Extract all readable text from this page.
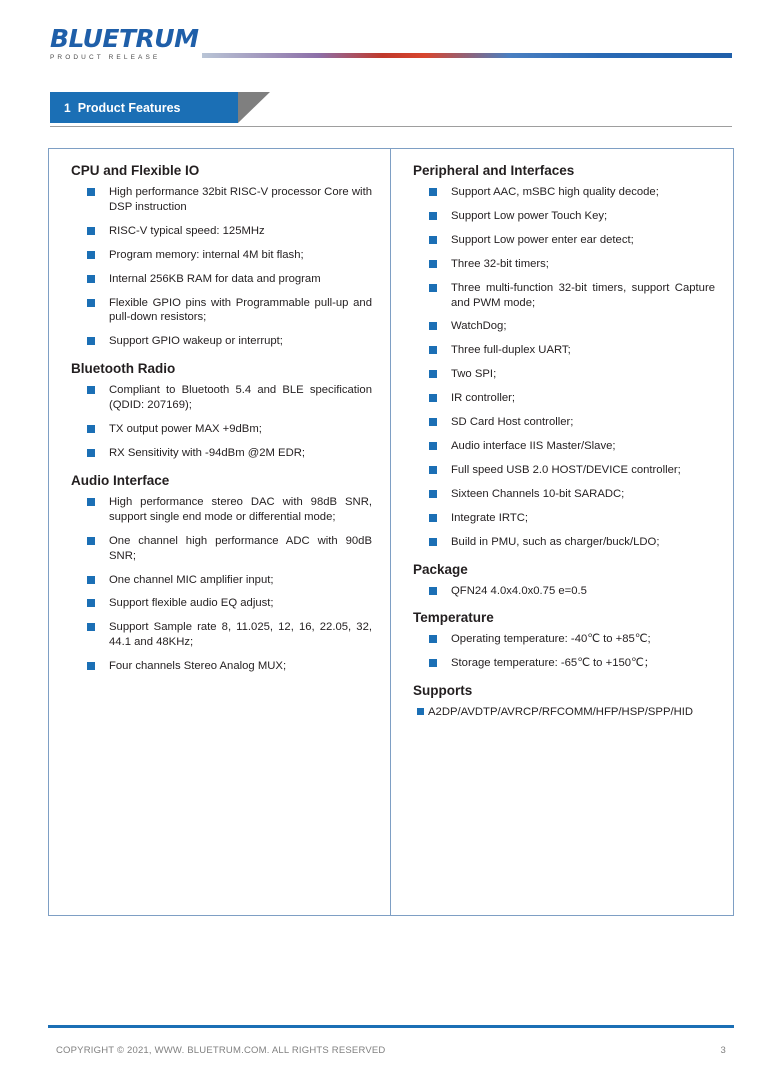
BLUETRUM
PRODUCT RELEASE
1 Product Features
CPU and Flexible IO
High performance 32bit RISC-V processor Core with DSP instruction
RISC-V typical speed: 125MHz
Program memory: internal 4M bit flash;
Internal 256KB RAM for data and program
Flexible GPIO pins with Programmable pull-up and pull-down resistors;
Support GPIO wakeup or interrupt;
Bluetooth Radio
Compliant to Bluetooth 5.4 and BLE specification (QDID: 207169);
TX output power MAX +9dBm;
RX Sensitivity with -94dBm @2M EDR;
Audio Interface
High performance stereo DAC with 98dB SNR, support single end mode or differential mode;
One channel high performance ADC with 90dB SNR;
One channel MIC amplifier input;
Support flexible audio EQ adjust;
Support Sample rate 8, 11.025, 12, 16, 22.05, 32, 44.1 and 48KHz;
Four channels Stereo Analog MUX;
Peripheral and Interfaces
Support AAC, mSBC high quality decode;
Support Low power Touch Key;
Support Low power enter ear detect;
Three 32-bit timers;
Three multi-function 32-bit timers, support Capture and PWM mode;
WatchDog;
Three full-duplex UART;
Two SPI;
IR controller;
SD Card Host controller;
Audio interface IIS Master/Slave;
Full speed USB 2.0 HOST/DEVICE controller;
Sixteen Channels 10-bit SARADC;
Integrate IRTC;
Build in PMU, such as charger/buck/LDO;
Package
QFN24 4.0x4.0x0.75 e=0.5
Temperature
Operating temperature: -40℃ to +85℃;
Storage temperature: -65℃ to +150℃；
Supports
A2DP/AVDTP/AVRCP/RFCOMM/HFP/HSP/SPP/HID
COPYRIGHT © 2021, WWW. BLUETRUM.COM. ALL RIGHTS RESERVED	3
